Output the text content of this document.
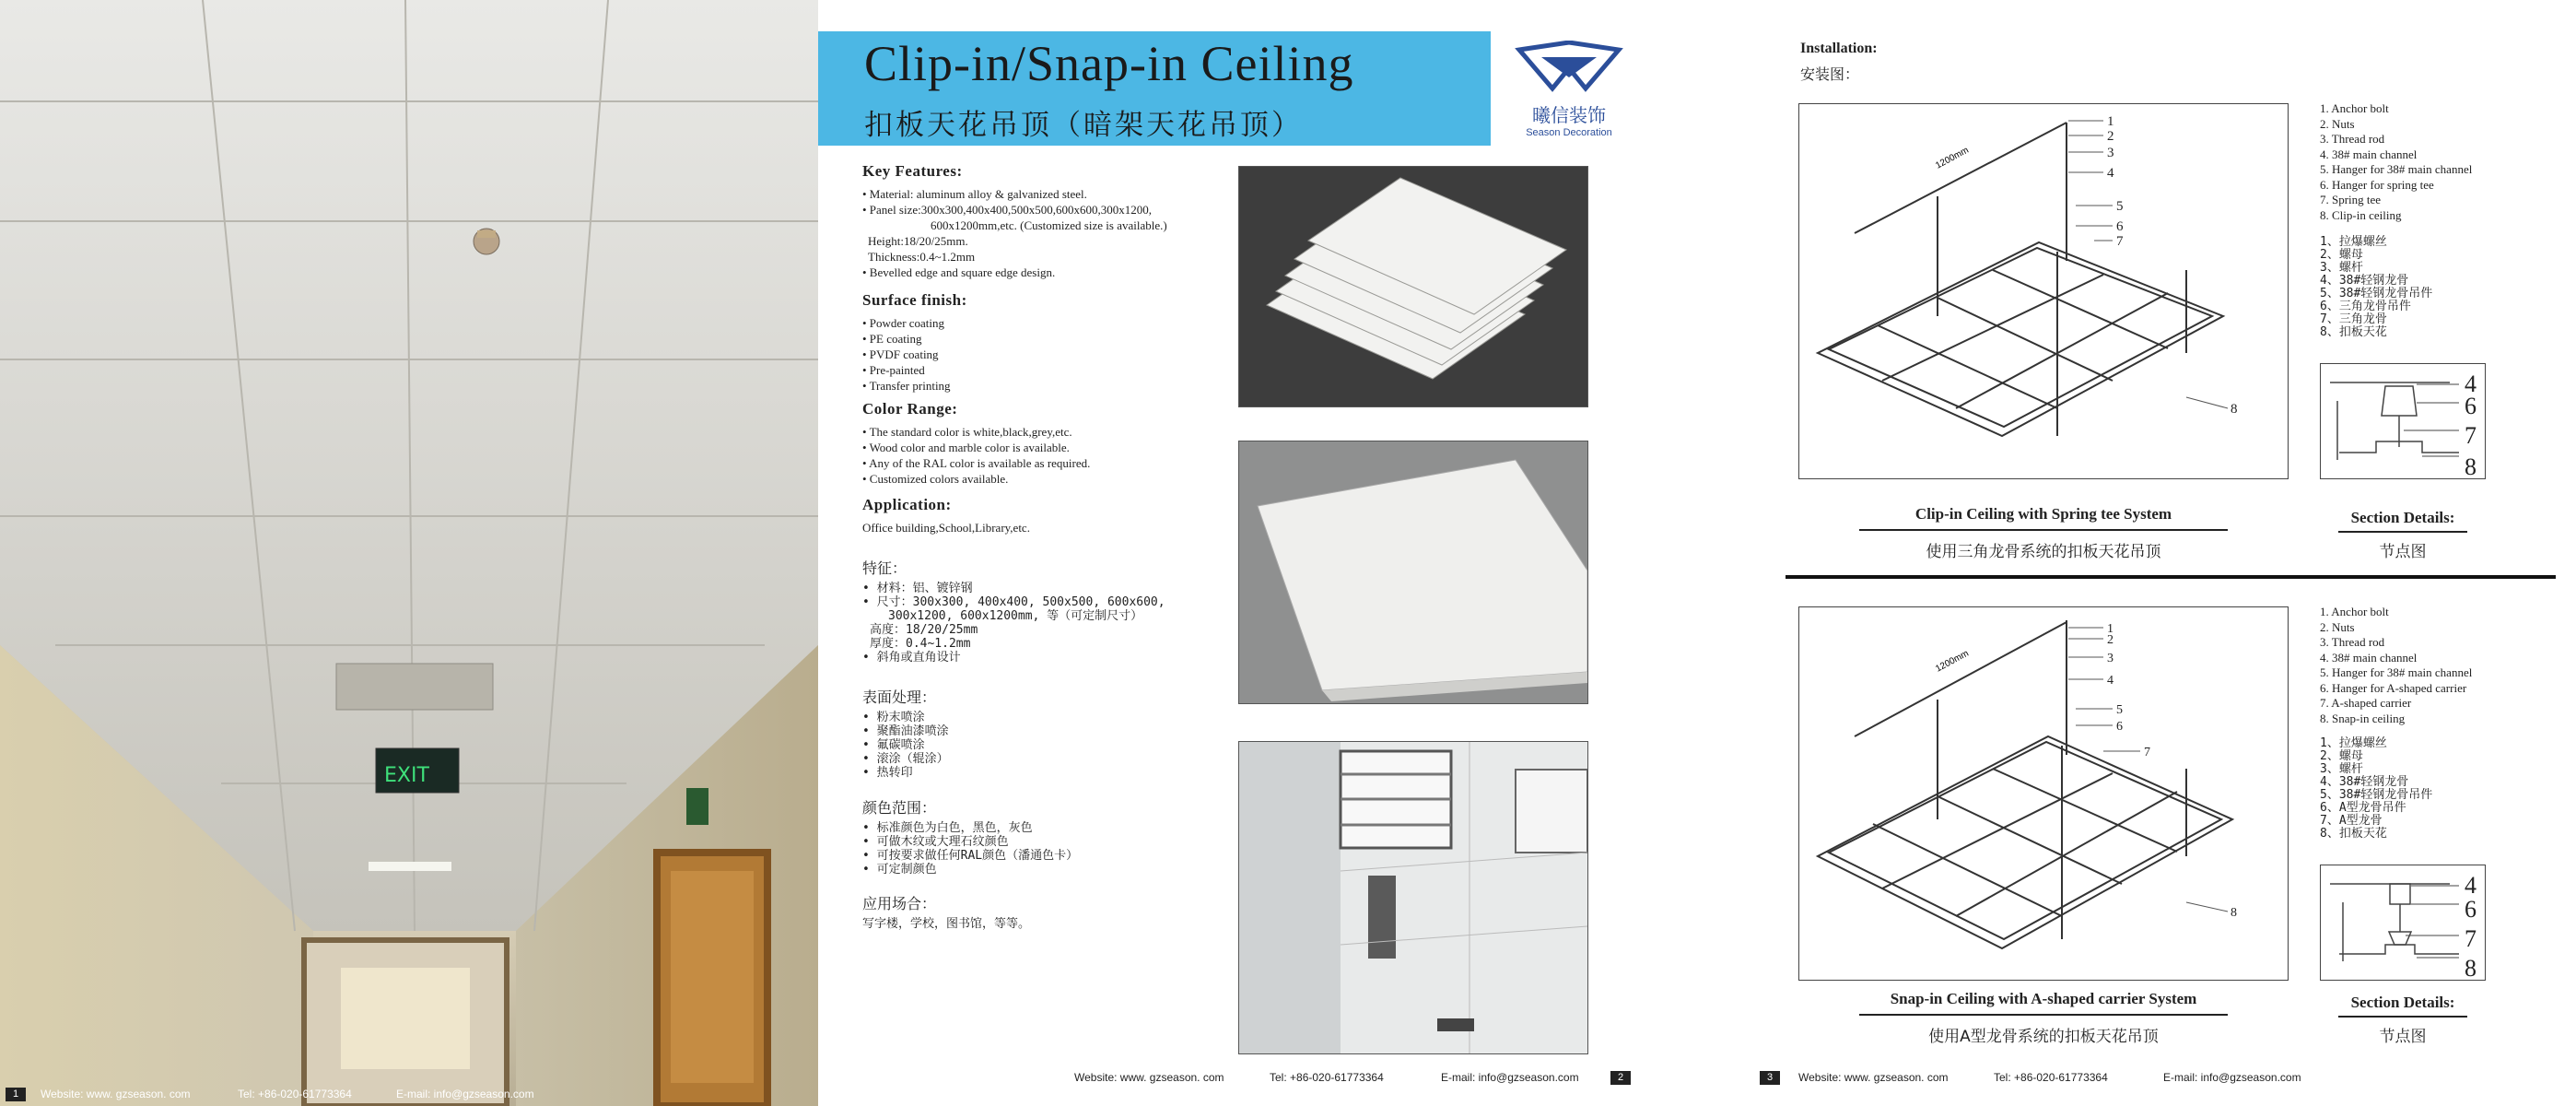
EXIT
1	Website: www. gzseason. com	Tel: +86-020-61773364	E-mail: info@gzseason.com
Clip-in/Snap-in Ceiling
扣板天花吊顶（暗架天花吊顶）	曦信装饰
Season Decoration
Key Features:
• Material: aluminum alloy & galvanized steel.
• Panel size:300x300,400x400,500x500,600x600,300x1200,
600x1200mm,etc. (Customized size is available.)
Height:18/20/25mm.
Thickness:0.4~1.2mm
• Bevelled edge and square edge design.
Surface finish:
• Powder coating
• PE coating
• PVDF coating
• Pre-painted
• Transfer printing
Color Range:
• The standard color is white,black,grey,etc.
• Wood color and marble color is available.
• Any of the RAL color is available as required.
• Customized colors available.
Application:
Office building,School,Library,etc.
特征：
• 材料：铝、镀锌钢
• 尺寸：300x300, 400x400, 500x500, 600x600,
300x1200, 600x1200mm, 等（可定制尺寸）
高度：18/20/25mm
厚度：0.4~1.2mm
• 斜角或直角设计
表面处理：
• 粉末喷涂
• 聚酯油漆喷涂
• 氟碳喷涂
• 滚涂（辊涂）
• 热转印
颜色范围：
• 标准颜色为白色，黑色，灰色
• 可做木纹或大理石纹颜色
• 可按要求做任何RAL颜色（潘通色卡）
• 可定制颜色
应用场合：
写字楼，学校，图书馆，等等。
Website: www. gzseason. com	Tel: +86-020-61773364	E-mail: info@gzseason.com	2
Installation:
安装图：
1
2
3
4
5
6
7
8
1200mm
1
2
3
4
5
6
7
8
1200mm
1. Anchor bolt
2. Nuts
3. Thread rod
4. 38# main channel
5. Hanger for 38# main channel
6. Hanger for spring tee
7. Spring tee
8. Clip-in ceiling
1、拉爆螺丝
2、螺母
3、螺杆
4、38#轻钢龙骨
5、38#轻钢龙骨吊件
6、三角龙骨吊件
7、三角龙骨
8、扣板天花
4
6
7
8
1. Anchor bolt
2. Nuts
3. Thread rod
4. 38# main channel
5. Hanger for 38# main channel
6. Hanger for A-shaped carrier
7. A-shaped carrier
8. Snap-in ceiling
1、拉爆螺丝
2、螺母
3、螺杆
4、38#轻钢龙骨
5、38#轻钢龙骨吊件
6、A型龙骨吊件
7、A型龙骨
8、扣板天花
4
6
7
8
Clip-in Ceiling with Spring tee System
使用三角龙骨系统的扣板天花吊顶
Section Details:
节点图
Snap-in Ceiling with A-shaped carrier System
使用A型龙骨系统的扣板天花吊顶
Section Details:
节点图
3	Website: www. gzseason. com	Tel: +86-020-61773364	E-mail: info@gzseason.com
